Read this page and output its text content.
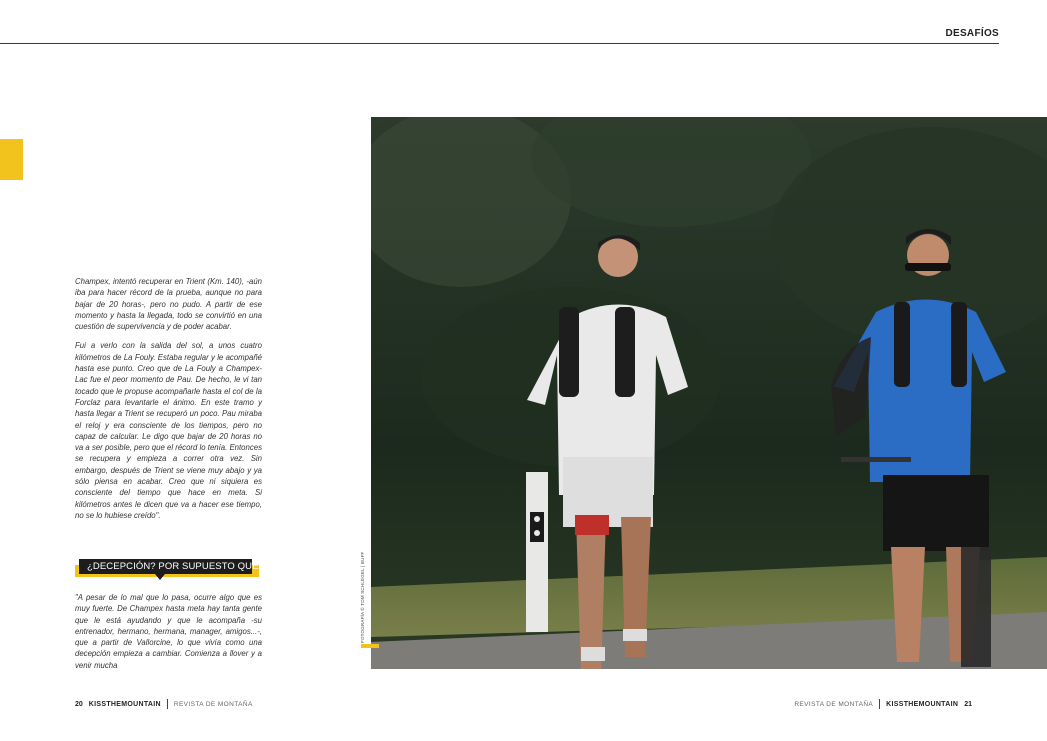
DESAFÍOS

Champex, intentó recuperar en Trient (Km. 140), -aún iba para hacer récord de la prueba, aunque no para bajar de 20 horas-, pero no pudo. A partir de ese momento y hasta la llegada, todo se convirtió en una cuestión de supervivencia y de poder acabar.

Fui a verlo con la salida del sol, a unos cuatro kilómetros de La Fouly. Estaba regular y le acompañé hasta ese punto. Creo que de La Fouly a Champex-Lac fue el peor momento de Pau. De hecho, le vi tan tocado que le propuse acompañarle hasta el col de la Forclaz para levantarle el ánimo. En este tramo y hasta llegar a Trient se recuperó un poco. Pau miraba el reloj y era consciente de los tiempos, pero no capaz de calcular. Le digo que bajar de 20 horas no va a ser posible, pero que el récord lo tenía. Entonces se recupera y empieza a correr otra vez. Sin embargo, después de Trient se viene muy abajo y ya sólo piensa en acabar. Creo que ni siquiera es consciente del tiempo que hace en meta. Si kilómetros antes le dicen que va a hacer ese tiempo, no se lo hubiese creído".

¿DECEPCIÓN? POR SUPUESTO QUE NO

"A pesar de lo mal que lo pasa, ocurre algo que es muy fuerte. De Champex hasta meta hay tanta gente que le está ayudando y que le acompaña -su entrenador, hermano, hermana, manager, amigos...-, que a partir de Vallorcine, lo que vivía como una decepción empieza a cambiar. Comienza a llover y a venir mucha

FOTOGRAFÍA © TOM SCHLEGEL | BUFF
20 KISSTHEMOUNTAIN REVISTA DE MONTAÑA	REVISTA DE MONTAÑA KISSTHEMOUNTAIN 21
